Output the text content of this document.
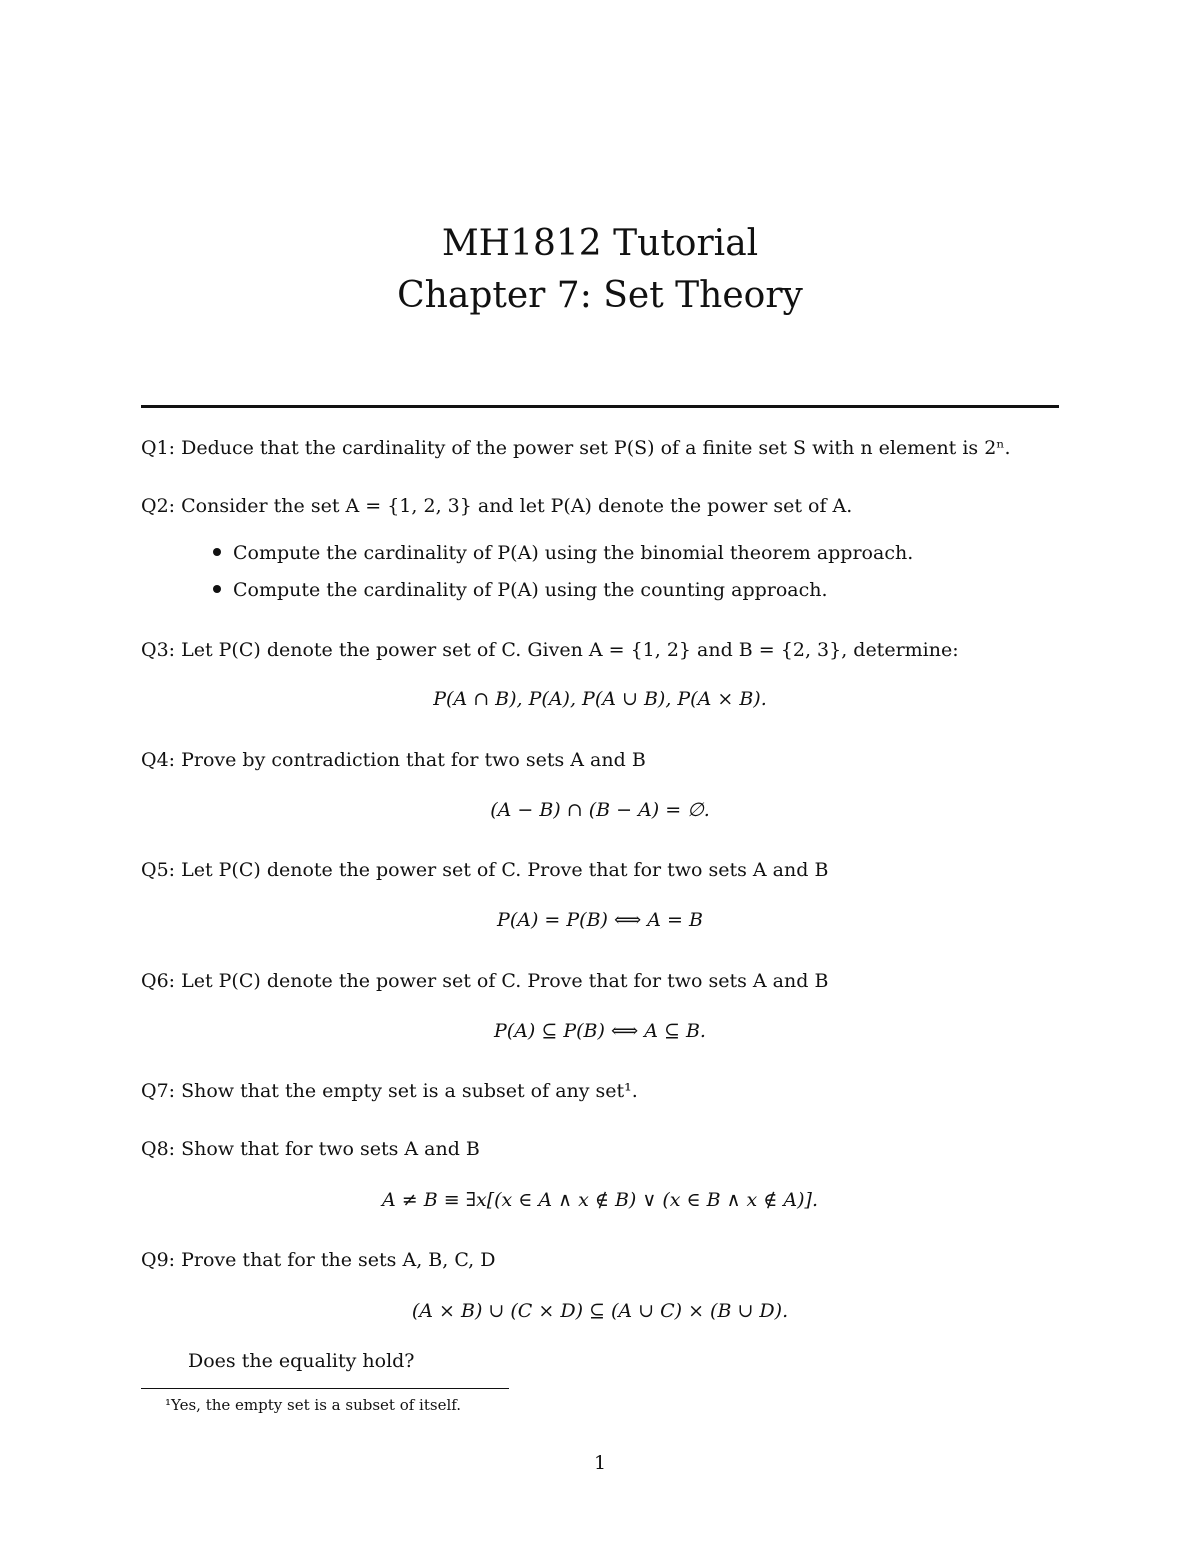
MH1812 Tutorial
Chapter 7: Set Theory
Q1: Deduce that the cardinality of the power set P(S) of a finite set S with n element is 2ⁿ.
Q2: Consider the set A = {1, 2, 3} and let P(A) denote the power set of A.
Compute the cardinality of P(A) using the binomial theorem approach.
Compute the cardinality of P(A) using the counting approach.
Q3: Let P(C) denote the power set of C. Given A = {1, 2} and B = {2, 3}, determine:
P(A ∩ B), P(A), P(A ∪ B), P(A × B).
Q4: Prove by contradiction that for two sets A and B
(A − B) ∩ (B − A) = ∅.
Q5: Let P(C) denote the power set of C. Prove that for two sets A and B
P(A) = P(B) ⟺ A = B
Q6: Let P(C) denote the power set of C. Prove that for two sets A and B
P(A) ⊆ P(B) ⟺ A ⊆ B.
Q7: Show that the empty set is a subset of any set¹.
Q8: Show that for two sets A and B
A ≠ B ≡ ∃x[(x ∈ A ∧ x ∉ B) ∨ (x ∈ B ∧ x ∉ A)].
Q9: Prove that for the sets A, B, C, D
(A × B) ∪ (C × D) ⊆ (A ∪ C) × (B ∪ D).
Does the equality hold?
¹Yes, the empty set is a subset of itself.
1
